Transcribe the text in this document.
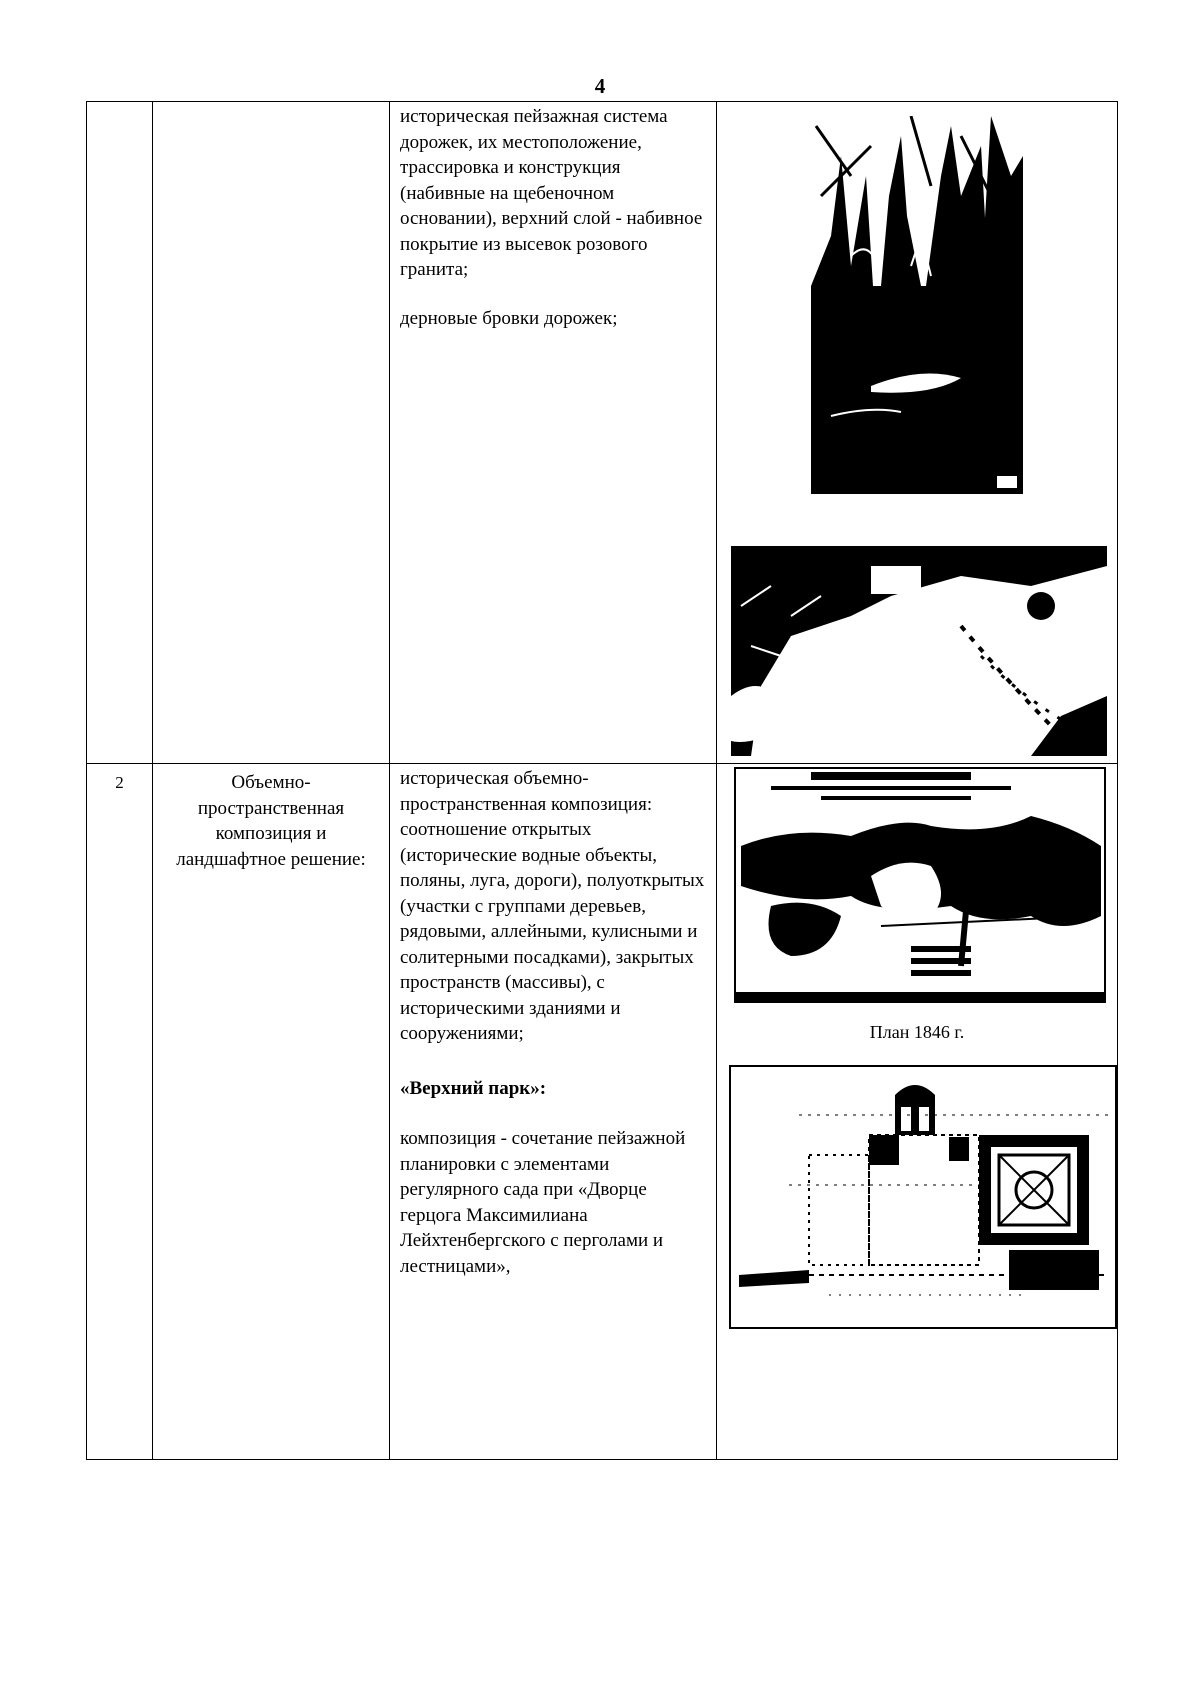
4

		историческая пейзажная система дорожек, их местоположение, трассировка и конструкция (набивные на щебеночном основании), верхний слой - набивное покрытие из высевок розового гранита;

дерновые бровки дорожек;

2	Объемно-пространственная композиция и ландшафтное решение:	историческая объемно-пространственная композиция: соотношение открытых (исторические водные объекты, поляны, луга, дороги), полуоткрытых (участки с группами деревьев, рядовыми, аллейными, кулисными и солитерными посадками), закрытых пространств (массивы), с историческими зданиями и сооружениями;

«Верхний парк»:

композиция - сочетание пейзажной планировки с элементами регулярного сада при «Дворце герцога Максимилиана Лейхтенбергского с перголами и лестницами»,	План 1846 г.
